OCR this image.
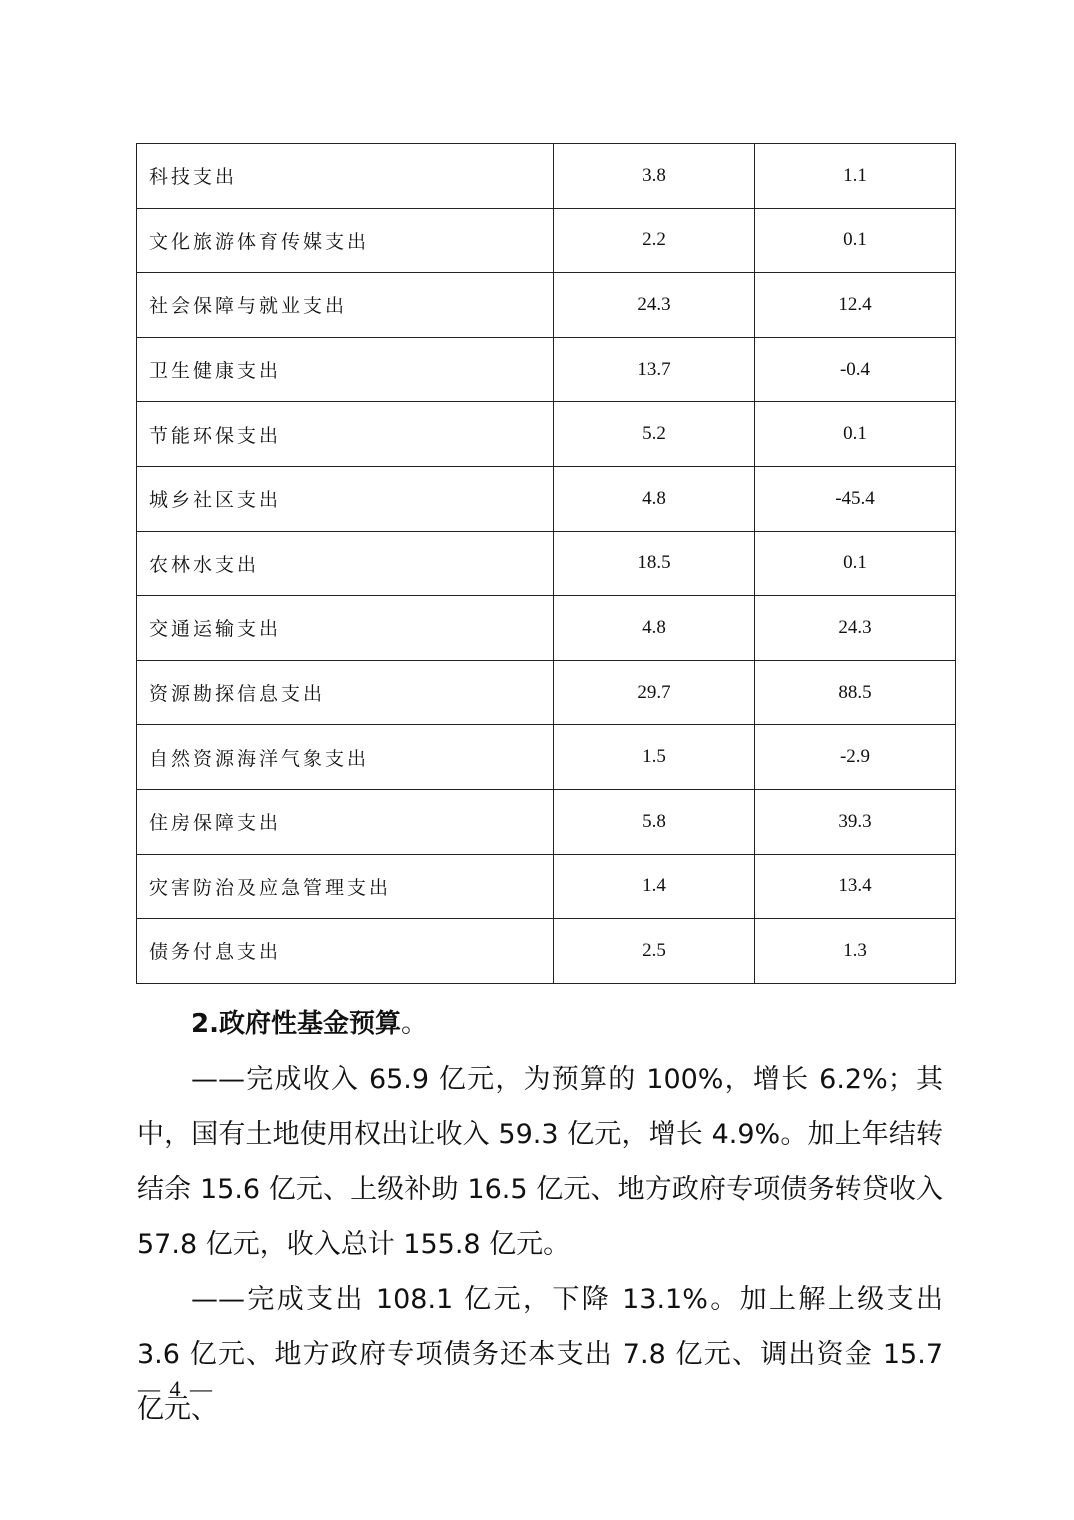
科技支出	3.8	1.1
文化旅游体育传媒支出	2.2	0.1
社会保障与就业支出	24.3	12.4
卫生健康支出	13.7	-0.4
节能环保支出	5.2	0.1
城乡社区支出	4.8	-45.4
农林水支出	18.5	0.1
交通运输支出	4.8	24.3
资源勘探信息支出	29.7	88.5
自然资源海洋气象支出	1.5	-2.9
住房保障支出	5.8	39.3
灾害防治及应急管理支出	1.4	13.4
债务付息支出	2.5	1.3

2.政府性基金预算。

——完成收入 65.9 亿元，为预算的 100%，增长 6.2%；其中，国有土地使用权出让收入 59.3 亿元，增长 4.9%。加上年结转结余 15.6 亿元、上级补助 16.5 亿元、地方政府专项债务转贷收入 57.8 亿元，收入总计 155.8 亿元。

——完成支出 108.1 亿元，下降 13.1%。加上解上级支出 3.6 亿元、地方政府专项债务还本支出 7.8 亿元、调出资金 15.7 亿元、

— 4 —
